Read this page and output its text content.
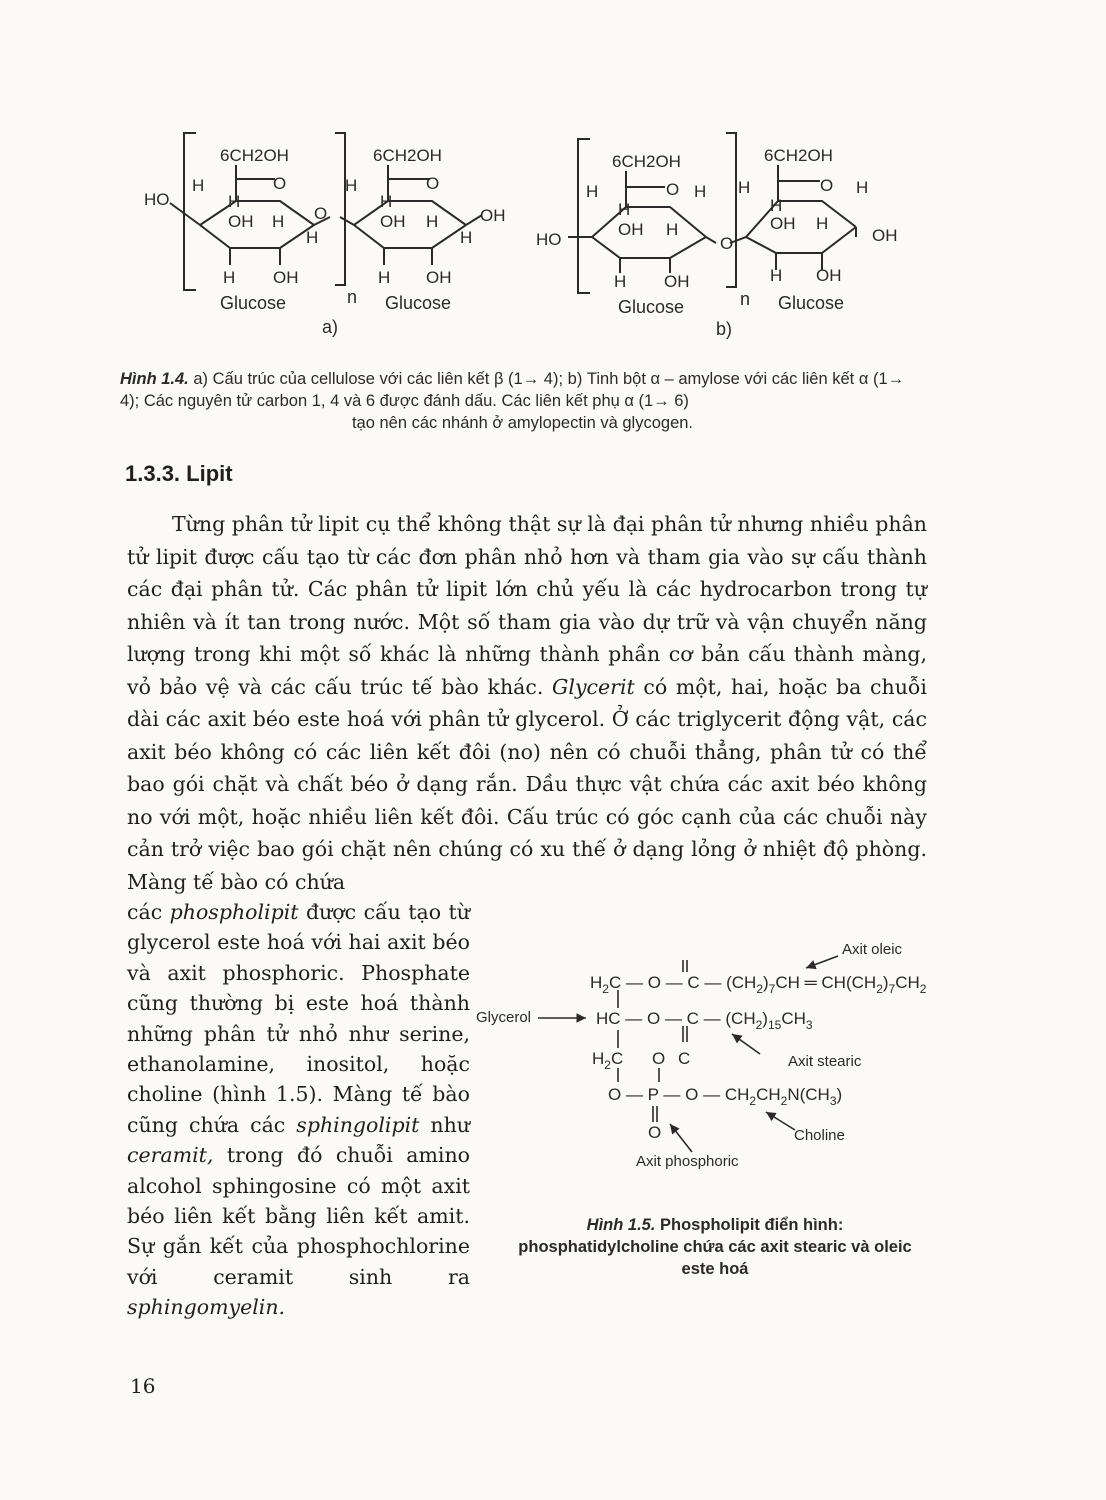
6CH2OH	6CH2OH
HO
H	O
H
OH H
H
O
H	O
H
OH H
H
OH
H OH	H OH
Glucose	Glucose
n
a)
6CH2OH	6CH2OH
H	O H
H
OH H
HO	O
H	O H
H
OH H
OH
H OH	H OH
Glucose	Glucose
n
b)
Hình 1.4. a) Cấu trúc của cellulose với các liên kết β (1→ 4); b) Tinh bột α – amylose với các liên kết α (1→ 4); Các nguyên tử carbon 1, 4 và 6 được đánh dấu. Các liên kết phụ α (1→ 6)
tạo nên các nhánh ở amylopectin và glycogen.
1.3.3. Lipit

Từng phân tử lipit cụ thể không thật sự là đại phân tử nhưng nhiều phân tử lipit được cấu tạo từ các đơn phân nhỏ hơn và tham gia vào sự cấu thành các đại phân tử. Các phân tử lipit lớn chủ yếu là các hydrocarbon trong tự nhiên và ít tan trong nước. Một số tham gia vào dự trữ và vận chuyển năng lượng trong khi một số khác là những thành phần cơ bản cấu thành màng, vỏ bảo vệ và các cấu trúc tế bào khác. Glycerit có một, hai, hoặc ba chuỗi dài các axit béo este hoá với phân tử glycerol. Ở các triglycerit động vật, các axit béo không có các liên kết đôi (no) nên có chuỗi thẳng, phân tử có thể bao gói chặt và chất béo ở dạng rắn. Dầu thực vật chứa các axit béo không no với một, hoặc nhiều liên kết đôi. Cấu trúc có góc cạnh của các chuỗi này cản trở việc bao gói chặt nên chúng có xu thế ở dạng lỏng ở nhiệt độ phòng. Màng tế bào có chứa

các phospholipit được cấu tạo từ glycerol este hoá với hai axit béo và axit phosphoric. Phosphate cũng thường bị este hoá thành những phân tử nhỏ như serine, ethanolamine, inositol, hoặc choline (hình 1.5). Màng tế bào cũng chứa các sphingolipit như ceramit, trong đó chuỗi amino alcohol sphingosine có một axit béo liên kết bằng liên kết amit. Sự gắn kết của phosphochlorine với ceramit sinh ra sphingomyelin.

Axit oleic
$H_2C$ — O — C — $(CH_2)_7CH$ ═ $CH(CH_2)_7CH_2$
Glycerol	HC — O — C — $(CH_2)_{15}CH_3$
$H_2C$ O C	Axit stearic
O — P — O — $CH_2CH_2N(CH_3)$
Choline
O
Axit phosphoric
Hình 1.5. Phospholipit điển hình: phosphatidylcholine chứa các axit stearic và oleic este hoá
16
